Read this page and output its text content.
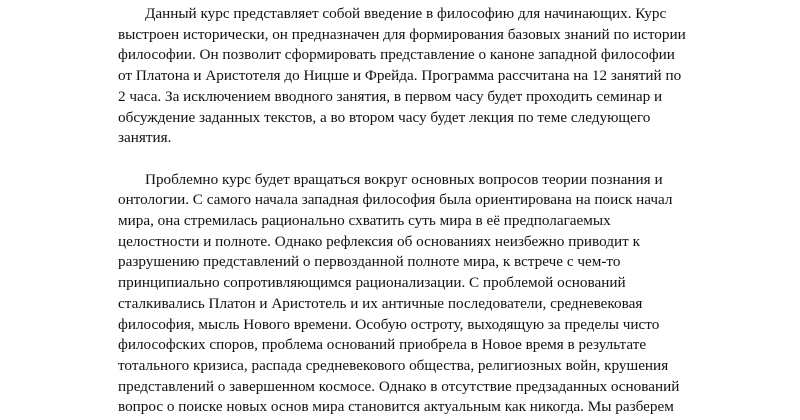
Данный курс представляет собой введение в философию для начинающих. Курс
выстроен исторически, он предназначен для формирования базовых знаний по истории
философии. Он позволит сформировать представление о каноне западной философии
от Платона и Аристотеля до Ницше и Фрейда. Программа рассчитана на 12 занятий по
2 часа. За исключением вводного занятия, в первом часу будет проходить семинар и
обсуждение заданных текстов, а во втором часу будет лекция по теме следующего
занятия.

Проблемно курс будет вращаться вокруг основных вопросов теории познания и
онтологии. С самого начала западная философия была ориентирована на поиск начал
мира, она стремилась рационально схватить суть мира в её предполагаемых
целостности и полноте. Однако рефлексия об основаниях неизбежно приводит к
разрушению представлений о первозданной полноте мира, к встрече с чем-то
принципиально сопротивляющимся рационализации. С проблемой оснований
сталкивались Платон и Аристотель и их античные последователи, средневековая
философия, мысль Нового времени. Особую остроту, выходящую за пределы чисто
философских споров, проблема оснований приобрела в Новое время в результате
тотального кризиса, распада средневекового общества, религиозных войн, крушения
представлений о завершенном космосе. Однако в отсутствие предзаданных оснований
вопрос о поиске новых основ мира становится актуальным как никогда. Мы разберем
